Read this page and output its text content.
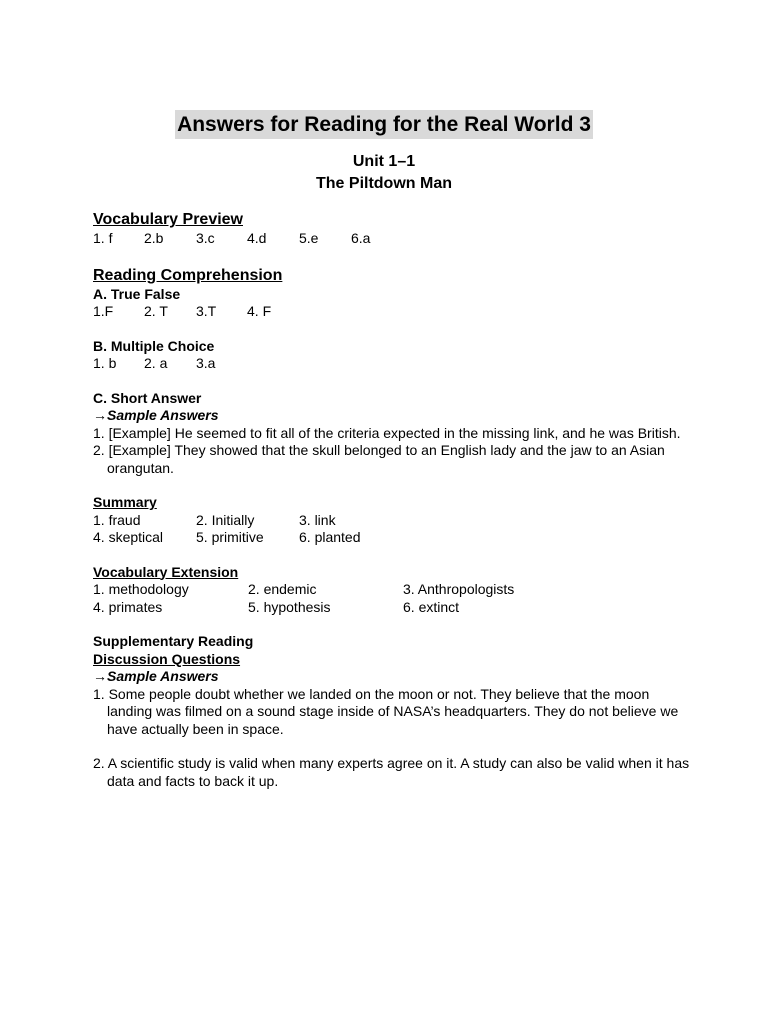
Answers for Reading for the Real World 3
Unit 1–1
The Piltdown Man
Vocabulary Preview
1. f	2.b	3.c	4.d	5.e	6.a
Reading Comprehension
A. True False
1.F	2. T	3.T	4. F
B. Multiple Choice
1. b	2. a	3.a
C. Short Answer
→Sample Answers
1. [Example] He seemed to fit all of the criteria expected in the missing link, and he was British.
2. [Example] They showed that the skull belonged to an English lady and the jaw to an Asian orangutan.
Summary
1. fraud	2. Initially	3. link
4. skeptical	5. primitive	6. planted
Vocabulary Extension
1. methodology	2. endemic	3. Anthropologists
4. primates	5. hypothesis	6. extinct
Supplementary Reading
Discussion Questions
→Sample Answers
1. Some people doubt whether we landed on the moon or not. They believe that the moon landing was filmed on a sound stage inside of NASA’s headquarters. They do not believe we have actually been in space.
2. A scientific study is valid when many experts agree on it. A study can also be valid when it has data and facts to back it up.
